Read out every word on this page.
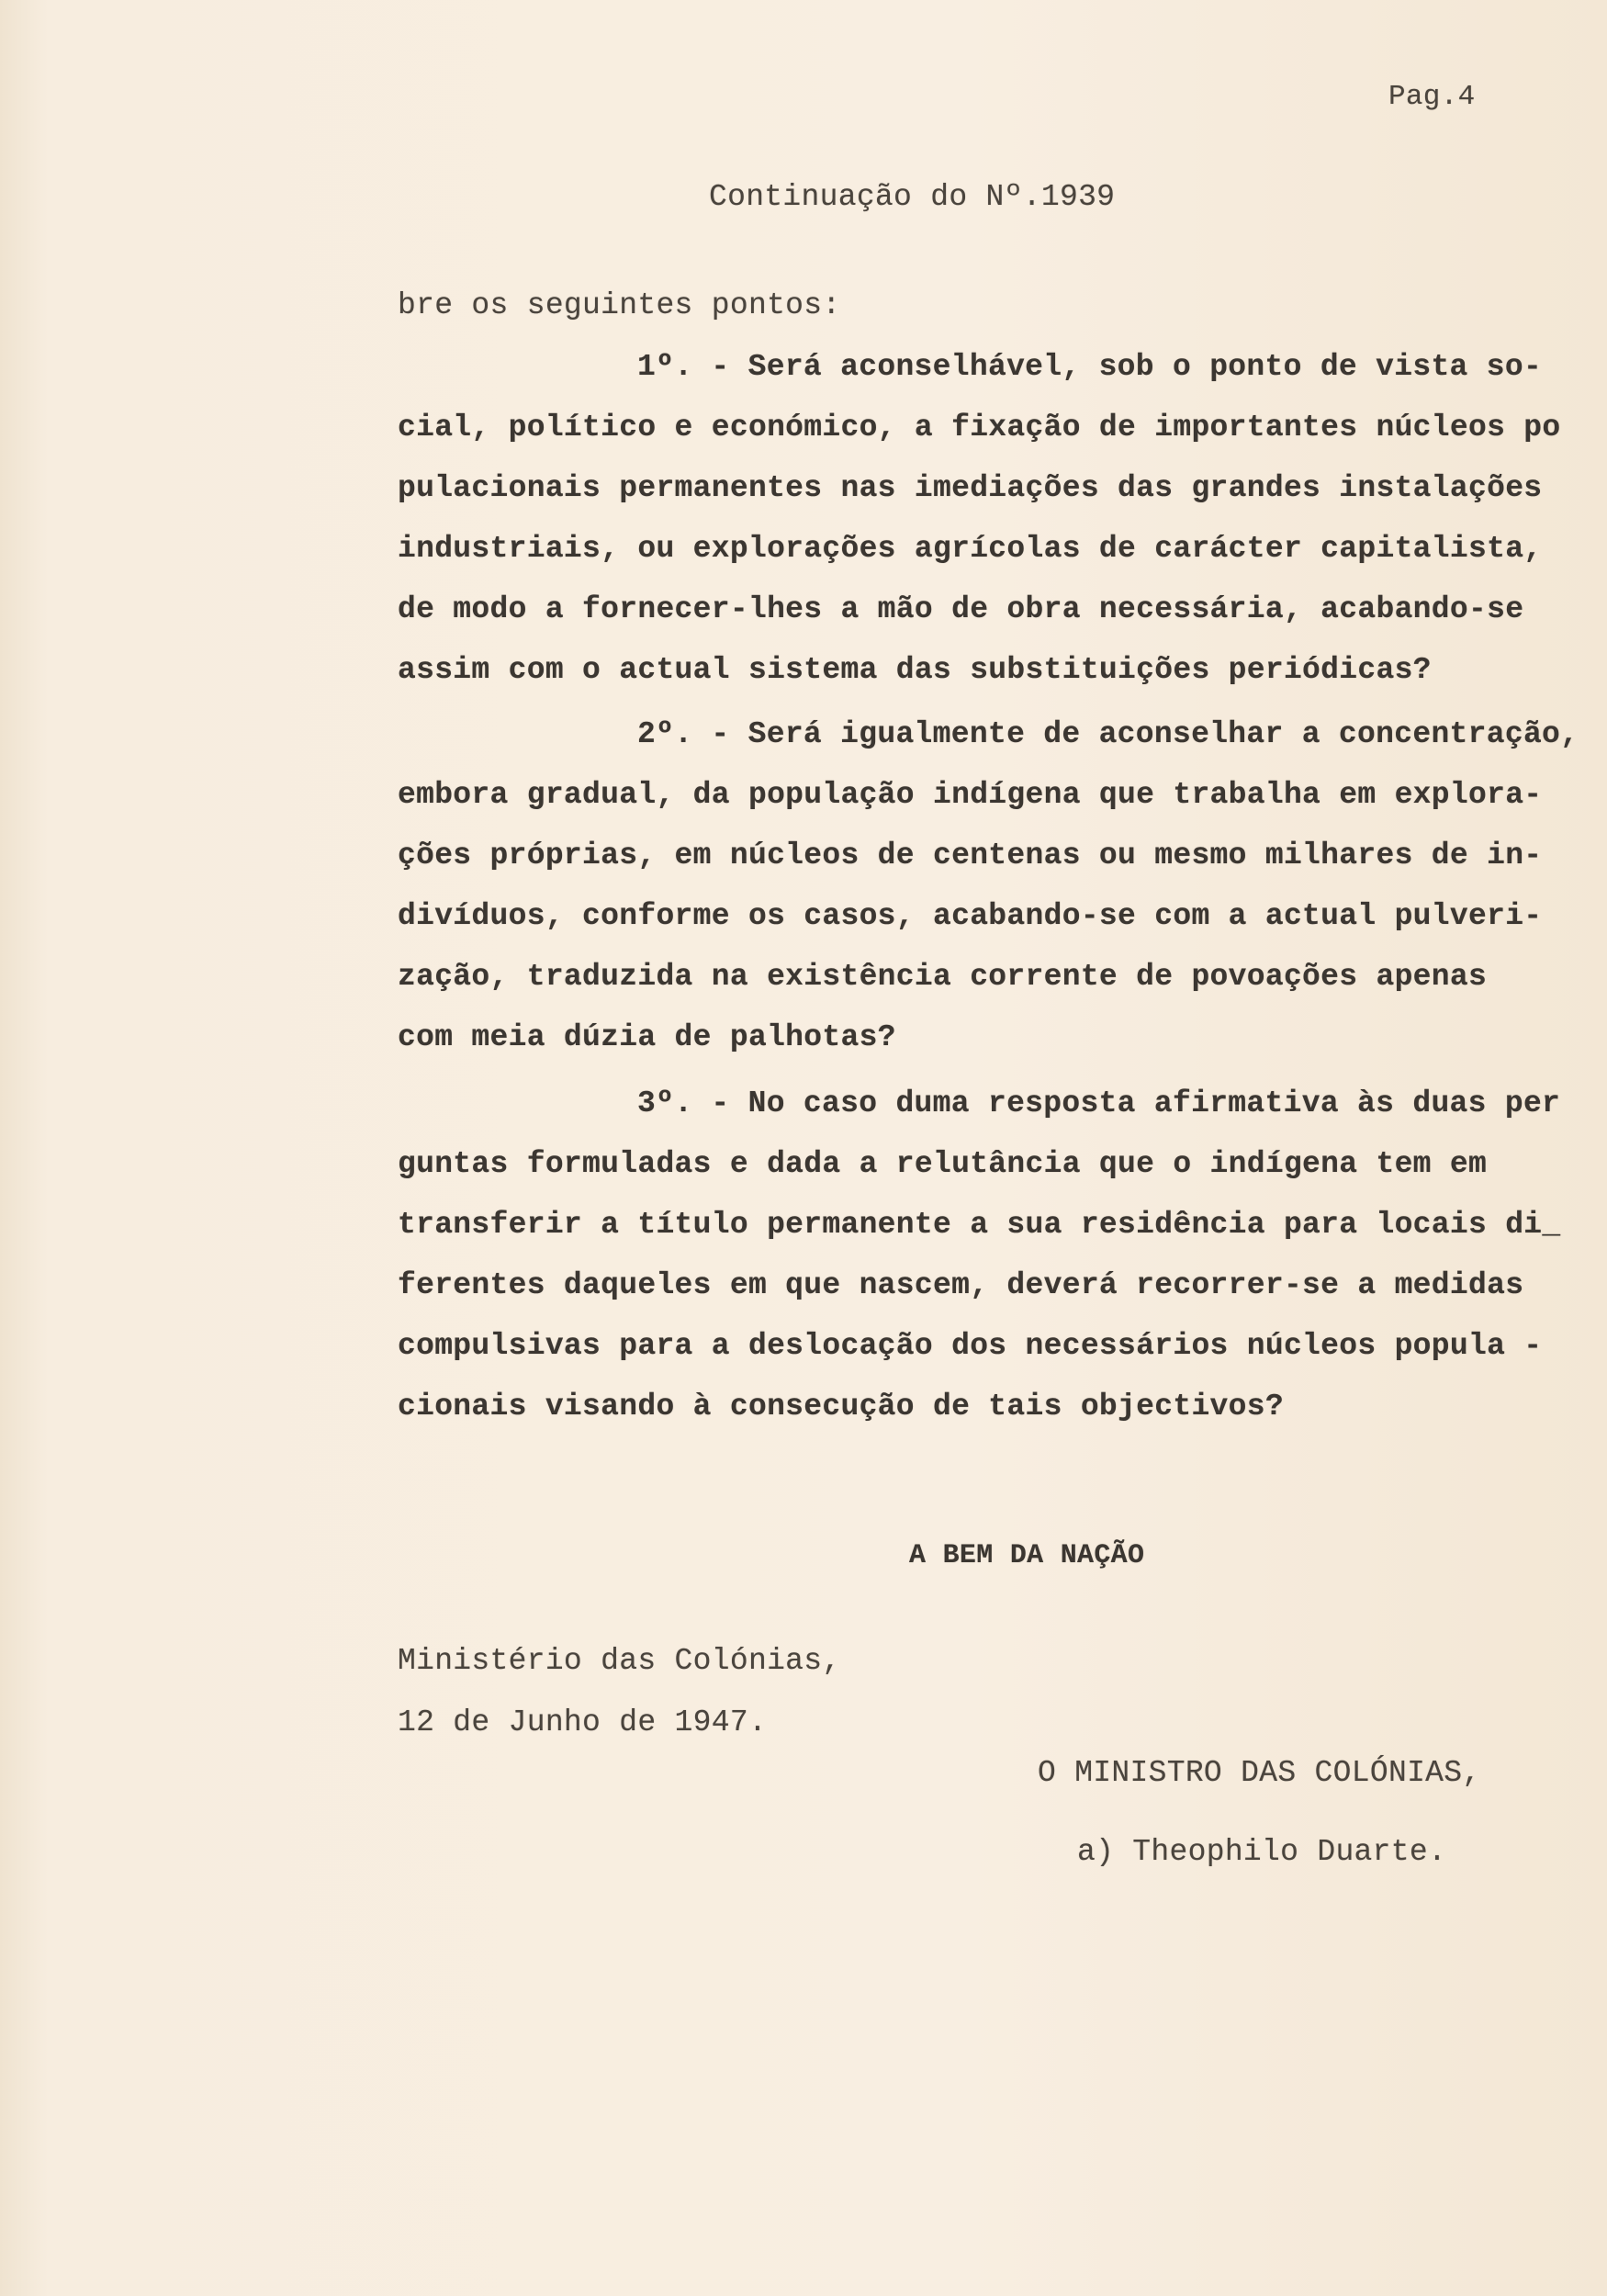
Pag.4
Continuação do Nº.1939
bre os seguintes pontos:
1º. - Será aconselhável, sob o ponto de vista so-
cial, político e económico, a fixação de importantes núcleos po
pulacionais permanentes nas imediações das grandes instalações
industriais, ou explorações agrícolas de carácter capitalista,
de modo a fornecer-lhes a mão de obra necessária, acabando-se
assim com o actual sistema das substituições periódicas?
2º. - Será igualmente de aconselhar a concentração,
embora gradual, da população indígena que trabalha em explora-
ções próprias, em núcleos de centenas ou mesmo milhares de in-
divíduos, conforme os casos, acabando-se com a actual pulveri-
zação, traduzida na existência corrente de povoações apenas
com meia dúzia de palhotas?
3º. - No caso duma resposta afirmativa às duas per
guntas formuladas e dada a relutância que o indígena tem em
transferir a título permanente a sua residência para locais di_
ferentes daqueles em que nascem, deverá recorrer-se a medidas
compulsivas para a deslocação dos necessários núcleos popula -
cionais visando à consecução de tais objectivos?
A BEM DA NAÇÃO
Ministério das Colónias,
12 de Junho de 1947.
O MINISTRO DAS COLÓNIAS,
a) Theophilo Duarte.
